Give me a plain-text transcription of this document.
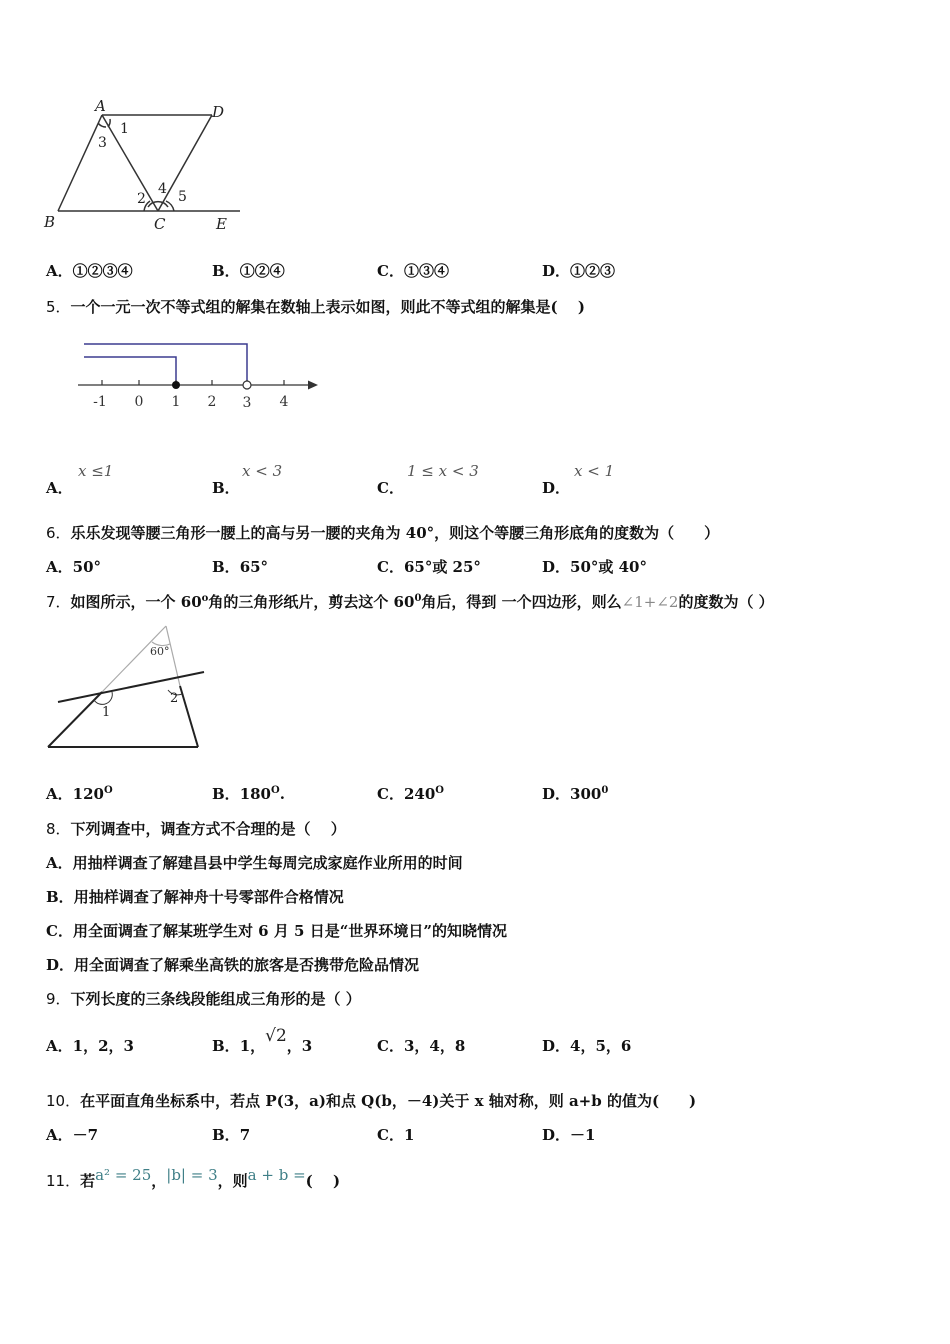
A	D
B	C	E
1
2
3
4 5
A．①②③④	B．①②④	C．①③④	D．①②③
5．一个一元一次不等式组的解集在数轴上表示如图，则此不等式组的解集是(　 )
-1 0 1 2 3 4
A．
x ≤1
B．
x < 3
C．
1 ≤ x < 3
D．
x < 1
6．乐乐发现等腰三角形一腰上的高与另一腰的夹角为 40°，则这个等腰三角形底角的度数为（　　）
A．50°	B．65°	C．65°或 25°	D．50°或 40°
7．如图所示，一个 60$^o$角的三角形纸片，剪去这个 $60^0$角后，得到 一个四边形，则么∠1+∠2的度数为（ ）
60°
1
2
A．$120^O$	B．$180^O$.	C．$240^O$	D．$300^0$
8．下列调查中，调查方式不合理的是（　 ）
A．用抽样调查了解建昌县中学生每周完成家庭作业所用的时间
B．用抽样调查了解神舟十号零部件合格情况
C．用全面调查了解某班学生对 6 月 5 日是“世界环境日”的知晓情况
D．用全面调查了解乘坐高铁的旅客是否携带危险品情况
9．下列长度的三条线段能组成三角形的是（ ）
A．1，2，3	B．1，√2，3	C．3，4，8	D．4，5，6
10．在平面直角坐标系中，若点 P(3，a)和点 Q(b，－4)关于 x 轴对称，则 a+b 的值为(　　)
A．－7	B．7	C．1	D．－1
11．若a² = 25，|b| = 3，则a + b =(　 )
